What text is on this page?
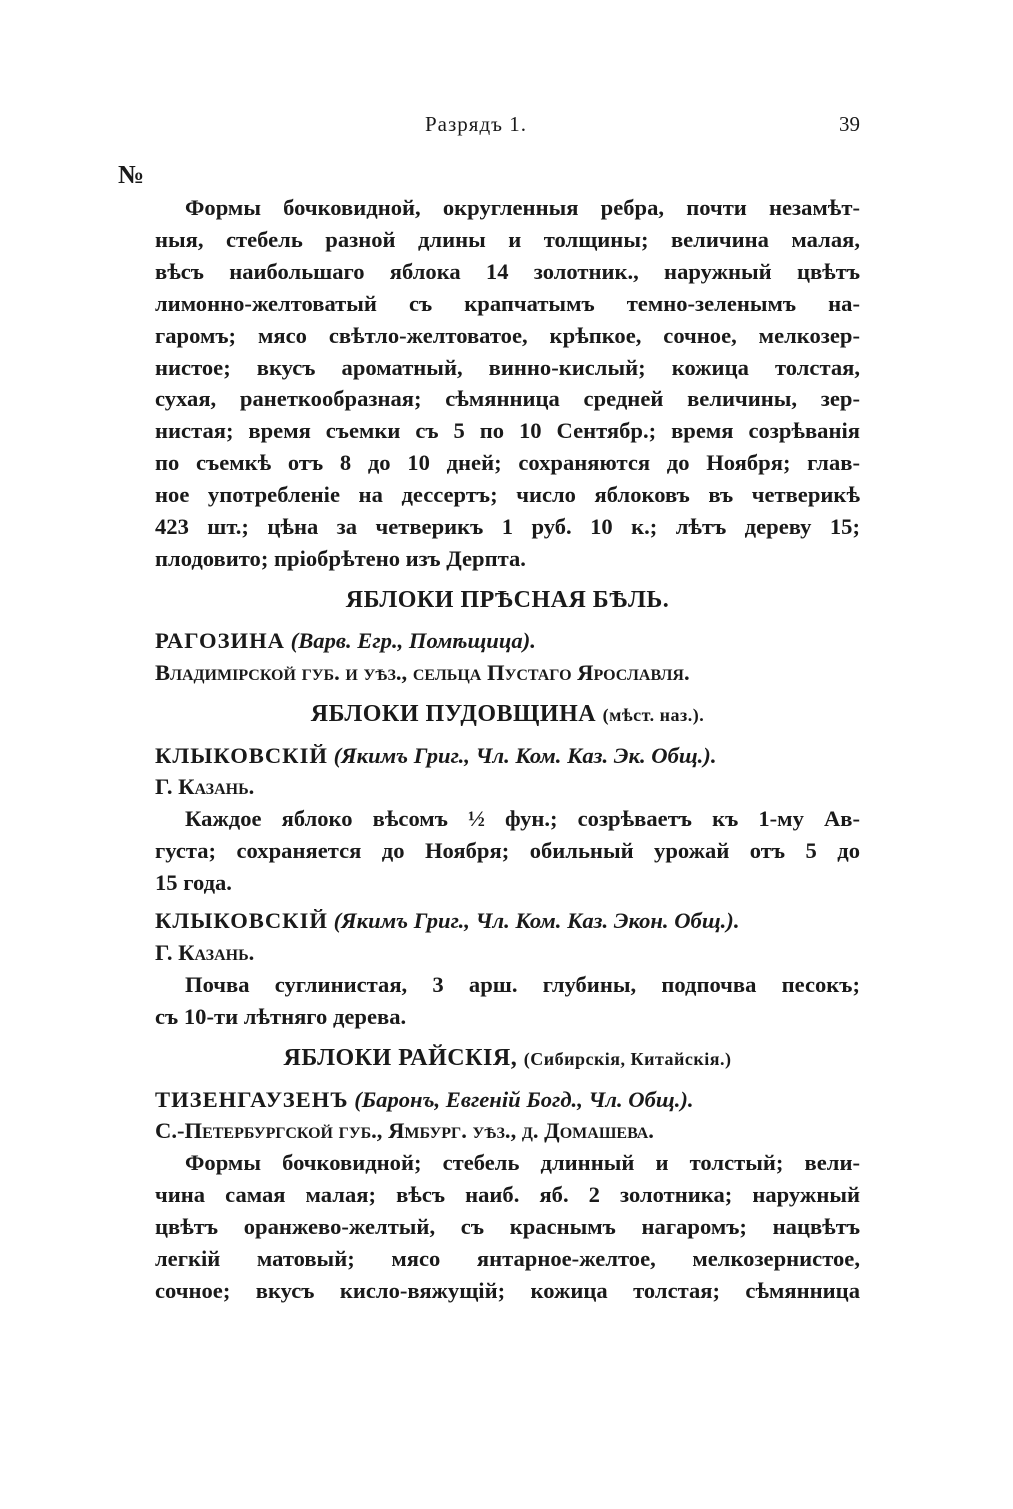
Разрядъ 1.	39
№
Формы бочковидной, округленныя ребра, почти незамѣт-
ныя, стебель разной длины и толщины; величина малая,
вѣсъ наибольшаго яблока 14 золотник., наружный цвѣтъ
лимонно-желтоватый съ крапчатымъ темно-зеленымъ на-
гаромъ; мясо свѣтло-желтоватое, крѣпкое, сочное, мелкозер-
нистое; вкусъ ароматный, винно-кислый; кожица толстая,
сухая, ранеткообразная; сѣмянница средней величины, зер-
нистая; время съемки съ 5 по 10 Сентябр.; время созрѣванія
по съемкѣ отъ 8 до 10 дней; сохраняются до Ноября; глав-
ное употребленіе на дессертъ; число яблоковъ въ четверикѣ
423 шт.; цѣна за четверикъ 1 руб. 10 к.; лѣтъ дереву 15;
плодовито; пріобрѣтено изъ Дерпта.
ЯБЛОКИ ПРѢСНАЯ БѢЛЬ.
РАГОЗИНА (Варв. Егр., Помѣщица).
Владимірской губ. и уѣз., сельца Пустаго Ярославля.
ЯБЛОКИ ПУДОВЩИНА (мѣст. наз.).
КЛЫКОВСКІЙ (Якимъ Григ., Чл. Ком. Каз. Эк. Общ.).
Г. Казань.
Каждое яблоко вѣсомъ ½ фун.; созрѣваетъ къ 1-му Ав-
густа; сохраняется до Ноября; обильный урожай отъ 5 до
15 года.
КЛЫКОВСКІЙ (Якимъ Григ., Чл. Ком. Каз. Экон. Общ.).
Г. Казань.
Почва суглинистая, 3 арш. глубины, подпочва песокъ;
съ 10-ти лѣтняго дерева.
ЯБЛОКИ РАЙСКІЯ, (Сибирскія, Китайскія.)
ТИЗЕНГАУЗЕНЪ (Баронъ, Евгеній Богд., Чл. Общ.).
С.-Петербургской губ., Ямбург. уѣз., д. Домашева.
Формы бочковидной; стебель длинный и толстый; вели-
чина самая малая; вѣсъ наиб. яб. 2 золотника; наружный
цвѣтъ оранжево-желтый, съ краснымъ нагаромъ; нацвѣтъ
легкій матовый; мясо янтарное-желтое, мелкозернистое,
сочное; вкусъ кисло-вяжущій; кожица толстая; сѣмянница
